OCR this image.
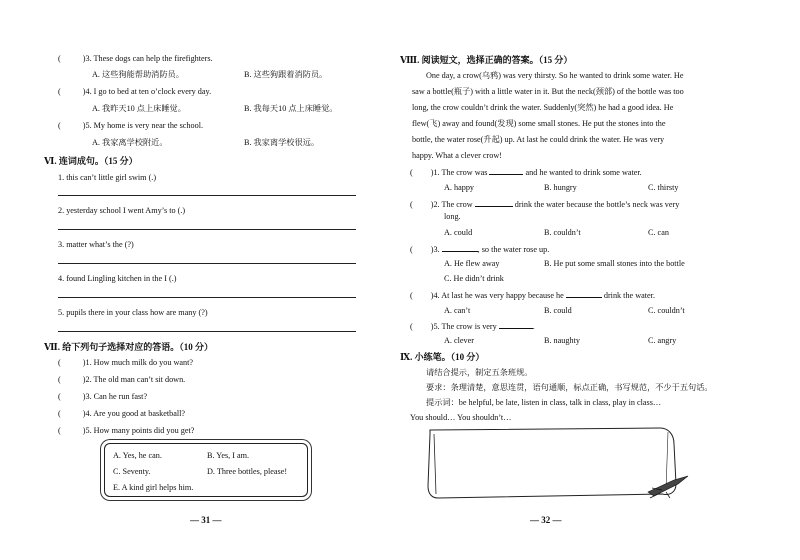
(	)3. These dogs can help the firefighters.
A. 这些狗能帮助消防员。	B. 这些狗跟着消防员。
(	)4. I go to bed at ten o’clock every day.
A. 我昨天10 点上床睡觉。	B. 我每天10 点上床睡觉。
(	)5. My home is very near the school.
A. 我家离学校附近。	B. 我家离学校很远。
Ⅵ. 连词成句。（15 分）
1. this can’t little girl swim (.)
2. yesterday school I went Amy’s to (.)
3. matter what’s the (?)
4. found Lingling kitchen in the I (.)
5. pupils there in your class how are many (?)
Ⅶ. 给下列句子选择对应的答语。（10 分）
(	)1. How much milk do you want?
(	)2. The old man can’t sit down.
(	)3. Can he run fast?
(	)4. Are you good at basketball?
(	)5. How many points did you get?
A. Yes, he can.	B. Yes, I am.
C. Seventy.	D. Three bottles, please!
E. A kind girl helps him.
— 31 —
Ⅷ. 阅读短文，选择正确的答案。（15 分）
One day, a crow(乌鸦) was very thirsty. So he wanted to drink some water. He
saw a bottle(瓶子) with a little water in it. But the neck(颈部) of the bottle was too
long, the crow couldn’t drink the water. Suddenly(突然) he had a good idea. He
flew(飞) away and found(发现) some small stones. He put the stones into the
bottle, the water rose(升起) up. At last he could drink the water. He was very
happy. What a clever crow!
( )1. The crow was	and he wanted to drink some water.
A. happy	B. hungry	C. thirsty
( )2. The crow	drink the water because the bottle’s neck was very
long.
A. could	B. couldn’t	C. can
( )3.	, so the water rose up.
A. He flew away	B. He put some small stones into the bottle
C. He didn’t drink
( )4. At last he was very happy because he	drink the water.
A. can’t	B. could	C. couldn’t
( )5. The crow is very	.
A. clever	B. naughty	C. angry
Ⅸ. 小练笔。（10 分）
请结合提示，制定五条班规。
要求：条理清楚，意思连贯，语句通顺，标点正确，书写规范，不少于五句话。
提示词：be helpful, be late, listen in class, talk in class, play in class…
You should… You shouldn’t…
— 32 —
